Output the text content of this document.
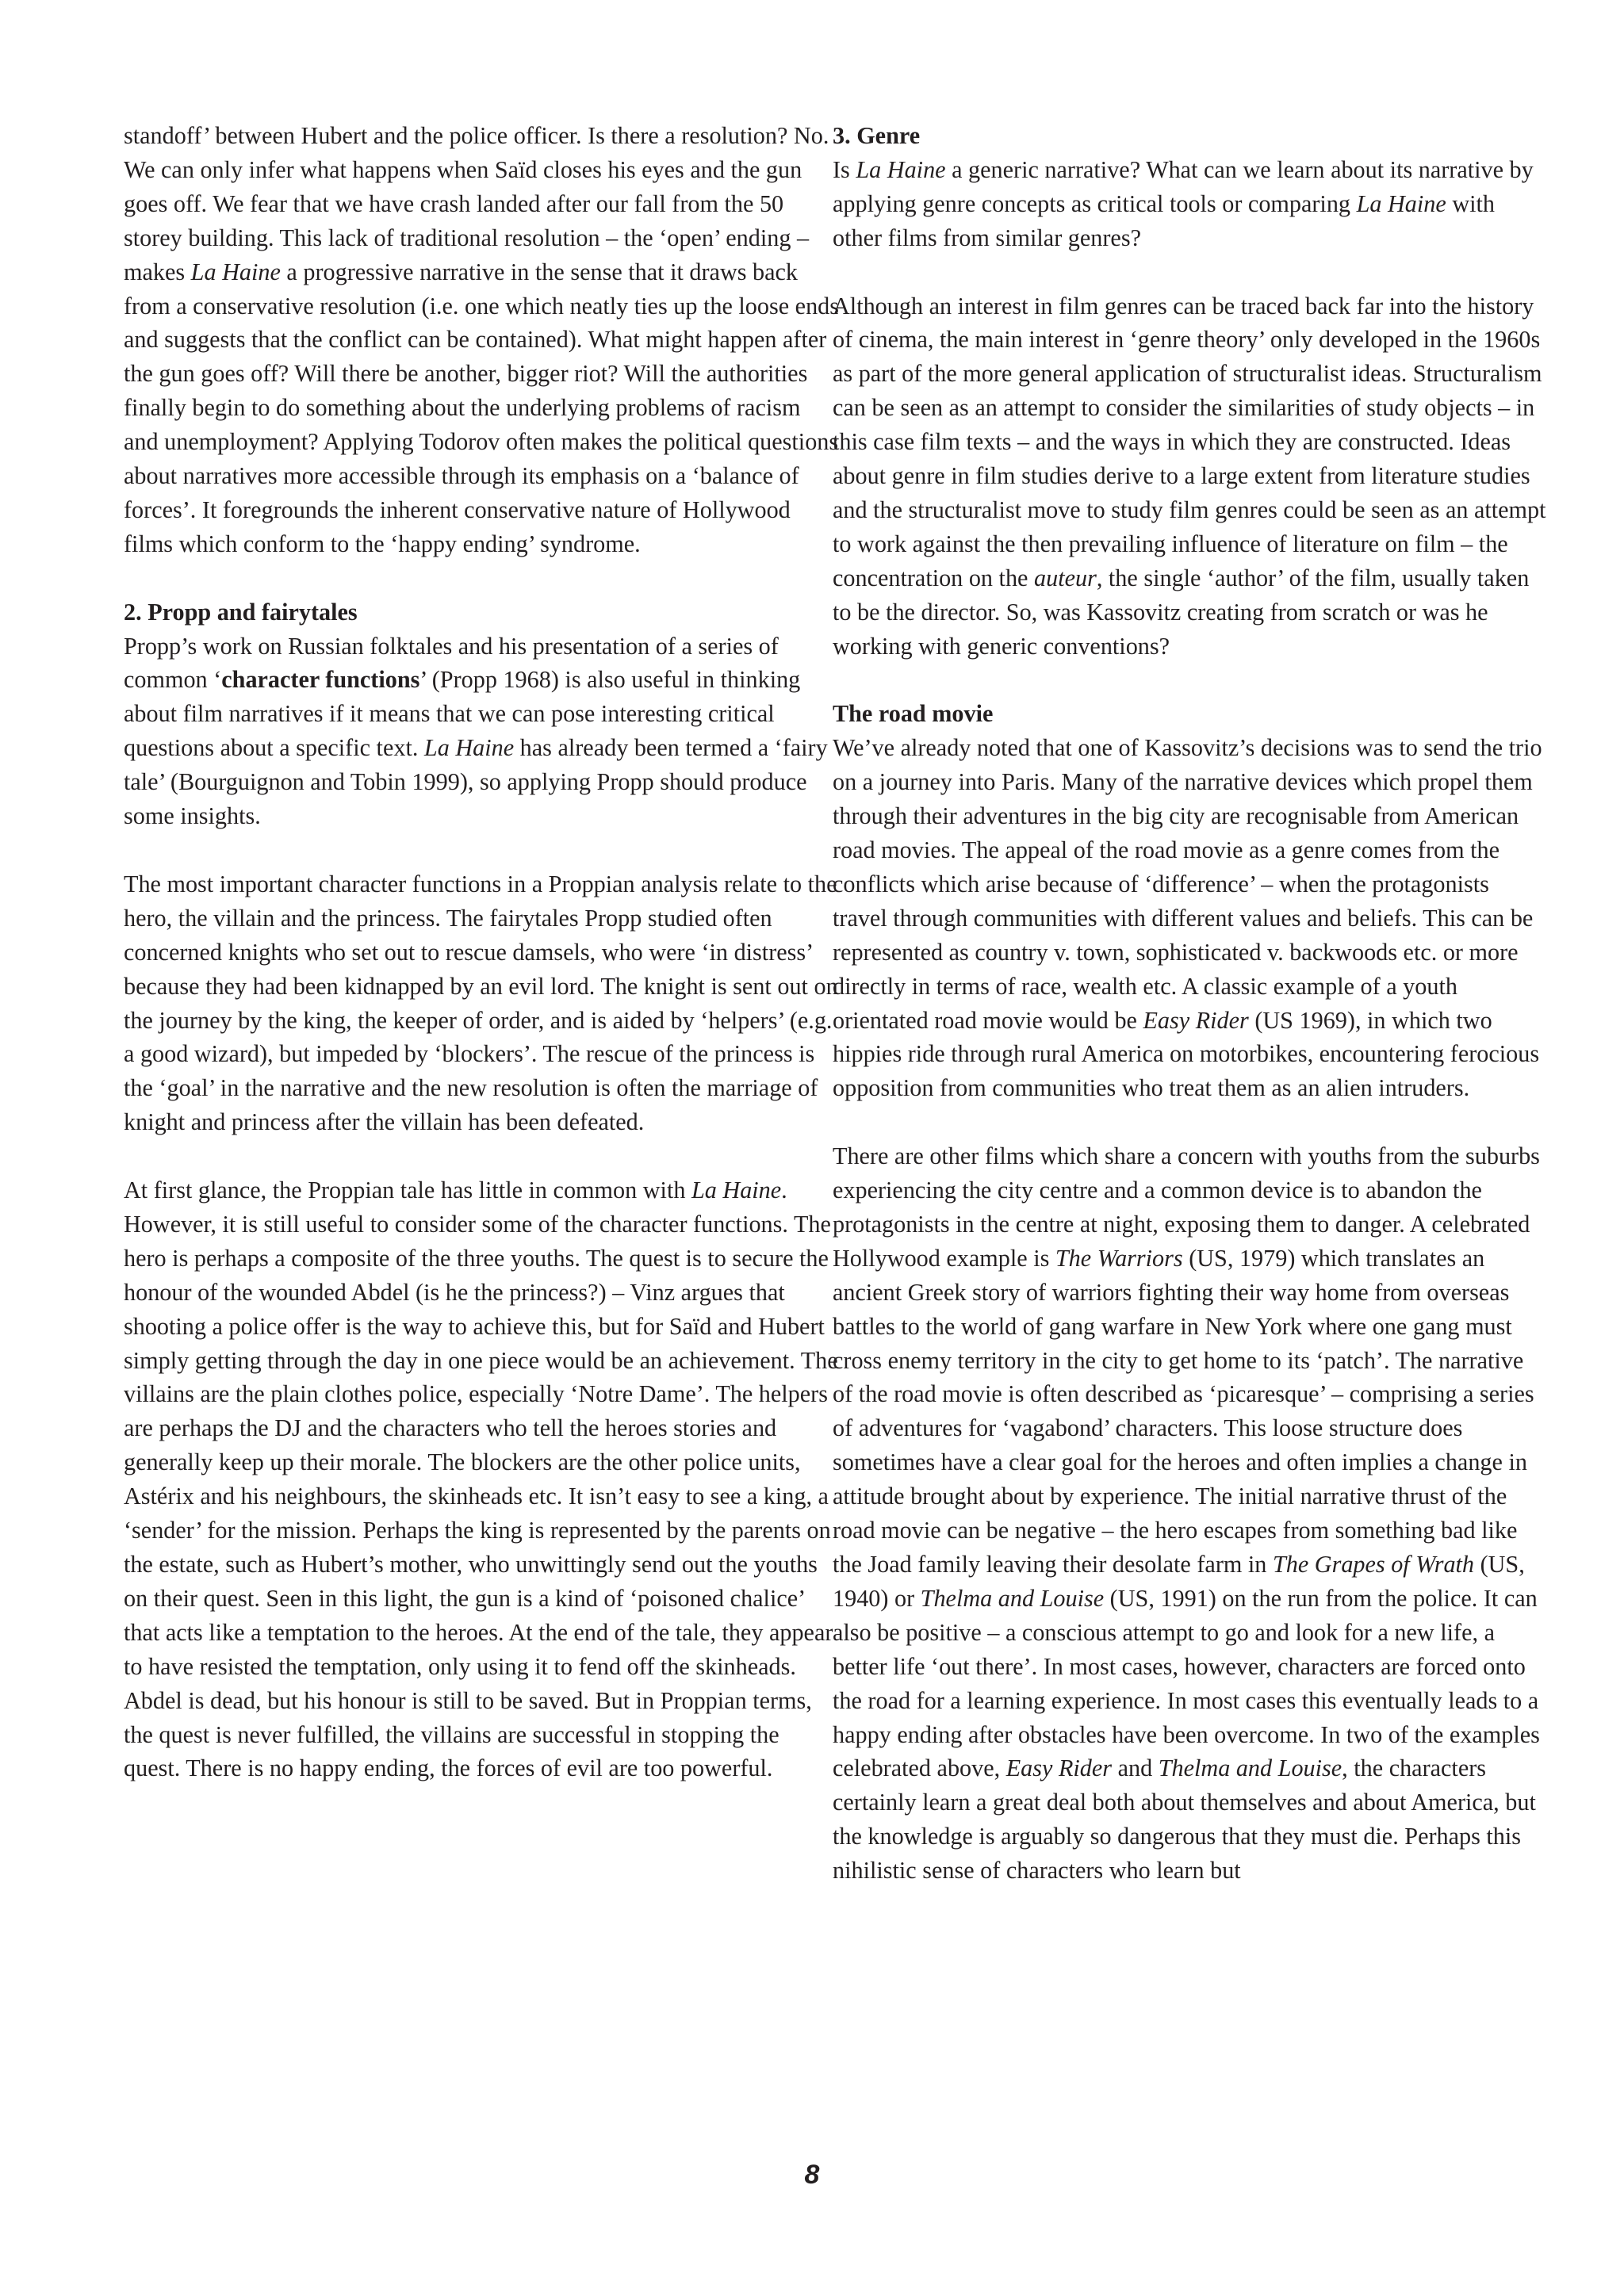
standoff’ between Hubert and the police officer. Is there a resolution? No. We can only infer what happens when Saïd closes his eyes and the gun goes off. We fear that we have crash landed after our fall from the 50 storey building. This lack of traditional resolution – the ‘open’ ending – makes La Haine a progressive narrative in the sense that it draws back from a conservative resolution (i.e. one which neatly ties up the loose ends and suggests that the conflict can be contained). What might happen after the gun goes off? Will there be another, bigger riot? Will the authorities finally begin to do something about the underlying problems of racism and unemployment? Applying Todorov often makes the political questions about narratives more accessible through its emphasis on a ‘balance of forces’. It foregrounds the inherent conservative nature of Hollywood films which conform to the ‘happy ending’ syndrome.

2. Propp and fairytales

Propp’s work on Russian folktales and his presentation of a series of common ‘character functions’ (Propp 1968) is also useful in thinking about film narratives if it means that we can pose interesting critical questions about a specific text. La Haine has already been termed a ‘fairy tale’ (Bourguignon and Tobin 1999), so applying Propp should produce some insights.

The most important character functions in a Proppian analysis relate to the hero, the villain and the princess. The fairytales Propp studied often concerned knights who set out to rescue damsels, who were ‘in distress’ because they had been kidnapped by an evil lord. The knight is sent out on the journey by the king, the keeper of order, and is aided by ‘helpers’ (e.g. a good wizard), but impeded by ‘blockers’. The rescue of the princess is the ‘goal’ in the narrative and the new resolution is often the marriage of knight and princess after the villain has been defeated.

At first glance, the Proppian tale has little in common with La Haine. However, it is still useful to consider some of the character functions. The hero is perhaps a composite of the three youths. The quest is to secure the honour of the wounded Abdel (is he the princess?) – Vinz argues that shooting a police offer is the way to achieve this, but for Saïd and Hubert simply getting through the day in one piece would be an achievement. The villains are the plain clothes police, especially ‘Notre Dame’. The helpers are perhaps the DJ and the characters who tell the heroes stories and generally keep up their morale. The blockers are the other police units, Astérix and his neighbours, the skinheads etc. It isn’t easy to see a king, a ‘sender’ for the mission. Perhaps the king is represented by the parents on the estate, such as Hubert’s mother, who unwittingly send out the youths on their quest. Seen in this light, the gun is a kind of ‘poisoned chalice’ that acts like a temptation to the heroes. At the end of the tale, they appear to have resisted the temptation, only using it to fend off the skinheads. Abdel is dead, but his honour is still to be saved. But in Proppian terms, the quest is never fulfilled, the villains are successful in stopping the quest. There is no happy ending, the forces of evil are too powerful.

3. Genre

Is La Haine a generic narrative? What can we learn about its narrative by applying genre concepts as critical tools or comparing La Haine with other films from similar genres?

Although an interest in film genres can be traced back far into the history of cinema, the main interest in ‘genre theory’ only developed in the 1960s as part of the more general application of structuralist ideas. Structuralism can be seen as an attempt to consider the similarities of study objects – in this case film texts – and the ways in which they are constructed. Ideas about genre in film studies derive to a large extent from literature studies and the structuralist move to study film genres could be seen as an attempt to work against the then prevailing influence of literature on film – the concentration on the auteur, the single ‘author’ of the film, usually taken to be the director. So, was Kassovitz creating from scratch or was he working with generic conventions?

The road movie

We’ve already noted that one of Kassovitz’s decisions was to send the trio on a journey into Paris. Many of the narrative devices which propel them through their adventures in the big city are recognisable from American road movies. The appeal of the road movie as a genre comes from the conflicts which arise because of ‘difference’ – when the protagonists travel through communities with different values and beliefs. This can be represented as country v. town, sophisticated v. backwoods etc. or more directly in terms of race, wealth etc. A classic example of a youth orientated road movie would be Easy Rider (US 1969), in which two hippies ride through rural America on motorbikes, encountering ferocious opposition from communities who treat them as an alien intruders.

There are other films which share a concern with youths from the suburbs experiencing the city centre and a common device is to abandon the protagonists in the centre at night, exposing them to danger. A celebrated Hollywood example is The Warriors (US, 1979) which translates an ancient Greek story of warriors fighting their way home from overseas battles to the world of gang warfare in New York where one gang must cross enemy territory in the city to get home to its ‘patch’. The narrative of the road movie is often described as ‘picaresque’ – comprising a series of adventures for ‘vagabond’ characters. This loose structure does sometimes have a clear goal for the heroes and often implies a change in attitude brought about by experience. The initial narrative thrust of the road movie can be negative – the hero escapes from something bad like the Joad family leaving their desolate farm in The Grapes of Wrath (US, 1940) or Thelma and Louise (US, 1991) on the run from the police. It can also be positive – a conscious attempt to go and look for a new life, a better life ‘out there’. In most cases, however, characters are forced onto the road for a learning experience. In most cases this eventually leads to a happy ending after obstacles have been overcome. In two of the examples celebrated above, Easy Rider and Thelma and Louise, the characters certainly learn a great deal both about themselves and about America, but the knowledge is arguably so dangerous that they must die. Perhaps this nihilistic sense of characters who learn but

8
